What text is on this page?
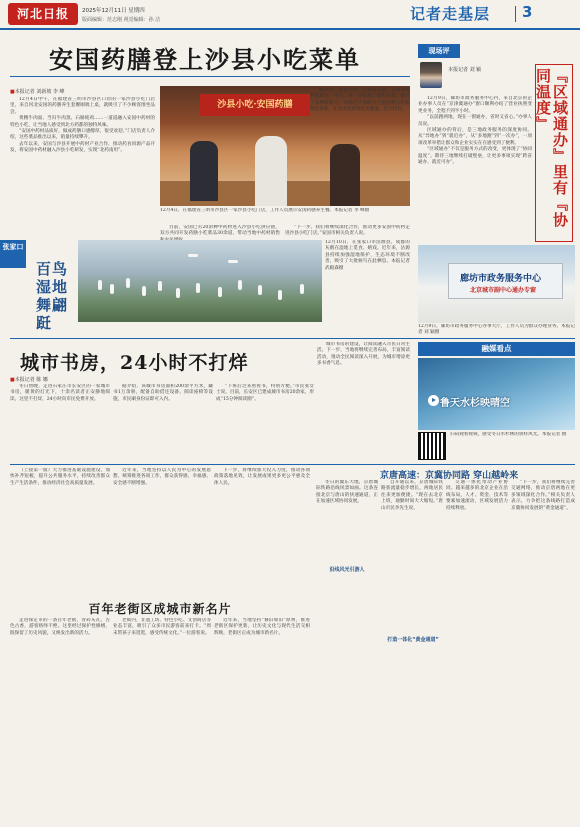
河北日报	2025年12月11日 星期四
版面编辑：范志刚 视觉编辑：孙 洁	记者走基层 3
安国药膳登上沙县小吃菜单
■本报记者 刘新坡 李 峰

12月4日中午，在福建省三明市沙县区口岸的一家沙县小吃门店里，来自河北安国的药膳养生套餐刚端上桌，就吸引了不少顾客围坐品尝。

黄精牛肉面、当归牛肉蒸、石斛炖鸡……一道道融入安国中药材的特色小吃，让当地人感受到北方药都的独特风味。

“安国中药材品质好，做成药膳口感醇厚，很受欢迎。”门店负责人介绍，这些菜品推出以来，销量持续攀升。

去年以来，安国与沙县开展中药材产业合作，推动药食同源产品开发，将安国中药材融入沙县小吃研发，实现“北药南用”。

沙县小吃·安国药膳
12月4日，在福建省三明市沙县区一家沙县小吃门店，工作人员展示安国药膳养生餐。本报记者 李 峰摄

据介绍，沙县小吃门店遍布全国，安国中药材借助这一平台，进一步拓展了销售市场，提升了品牌影响力。两地还计划联合打造药膳小吃标准化体系，让更多消费者吃出健康、吃出特色。

目前，安国已有20余种中药材进入沙县小吃供应链，双方共同开发药膳小吃菜品30余道，带动当地中药材销售

“下一步，我们将继续深化合作，推动更多安国中药材走进沙县小吃门店。”安国市相关负责人说。

张家口
百鸟湿地舞翩跹
12月10日，在张家口市沽源县，成群的灰鹤在湿地上觅食、嬉戏。近年来，沽源县持续加强湿地保护，生态环境不断改善，吸引了大批候鸟在此栖息。本报记者 武殿森摄
现场评
本报记者 刘 颖	『区域通办』里有『协同温度』

12月9日，廊坊市政务服务中心内，来自北京的企业办事人员在“京津冀通办”窗口顺利办结了营业执照变更业务，全程不到半小时。

“以前跑两地，现在一窗通办，省时又省心。”办事人员说。

区域通办的背后，是三地政务服务的深度协同。从“异地办”到“就近办”，从“多地跑”到“一次办”，一项项改革举措让群众和企业实实在在感受到了便利。

“区域通办”不仅是服务方式的改变，更体现了“协同温度”。期待三地继续打破壁垒，让更多事项实现“跨省通办、就近可办”。

廊坊市政务服务中心
北京城市副中心通办专窗
12月9日，廊坊市政务服务中心办事大厅，工作人员为群众办理业务。本报记者 刘 颖摄
城市书房，24小时不打烊
■本报记者 陈 娜

冬日傍晚，走进石家庄市长安区的一家城市书房，暖黄的灯光下，十余名读者正安静地阅读。这里不打烊，24小时向市民免费开放。

据介绍，该城市书房面积200余平方米，藏书1万余册，配备自助借还设备、阅读座椅等设施，市民刷身份证即可入内。

“下班后过来看看书，特别方便。”市民张女士说。目前，长安区已建成城市书房20余家，形成“15分钟阅读圈”。

城市书房的建设，让阅读融入市民日常生活。下一步，当地将继续完善布局，丰富阅读活动，推动全民阅读深入开展，为城市增添更多书香气息。

融媒看点
鲁天水杉映晴空
扫码观看视频，感受冬日水杉林的别样风光。本报记者 摄

（上接第一版）大力推进基础设施建设，加快补齐短板，提升公共服务水平，持续改善群众生产生活条件，推动经济社会高质量发展。

近年来，当地坚持以人民为中心的发展思想，统筹推进各项工作，群众获得感、幸福感、安全感不断增强。

下一步，将继续加大投入力度，推动各项政策落地见效，让发展成果更多更公平惠及全体人民。

百年老街区成城市新名片

走进保定市的一条百年老街，青砖灰瓦、古色古香，游客络绎不绝。这里经过保护性修缮，既保留了历史风貌，又焕发出新的活力。

老街内，非遗工坊、特色小吃、文创商店等业态丰富，吸引了众多市民游客前来打卡。“周末带孩子来逛逛，感受传统文化。”一位游客说。

近年来，当地坚持“修旧如旧”原则，推进老街区保护更新，让历史文化与现代生活交相辉映，老街区正成为城市新名片。

京唐高速：京冀协同路 穿山越岭来

冬日的冀东大地，京唐城际铁路沿线风景如画。这条连接北京与唐山的快速通道，正在加速区域协同发展。

沿线风光引游人

自开通以来，京唐城际铁路客流量稳步增长，两地居民往来更加便捷。“现在去北京上班，通勤时间大大缩短。”唐山市民李先生说。

打造一体化“黄金通道”

交通一体化带动产业协同。越来越多的北京企业在沿线布局，人才、资金、技术等要素加速流动，区域发展活力持续释放。

“下一步，我们将继续完善交通网络，推动京唐两地在更多领域深化合作。”相关负责人表示，力争把这条线路打造成京冀协同发展的“黄金通道”。
